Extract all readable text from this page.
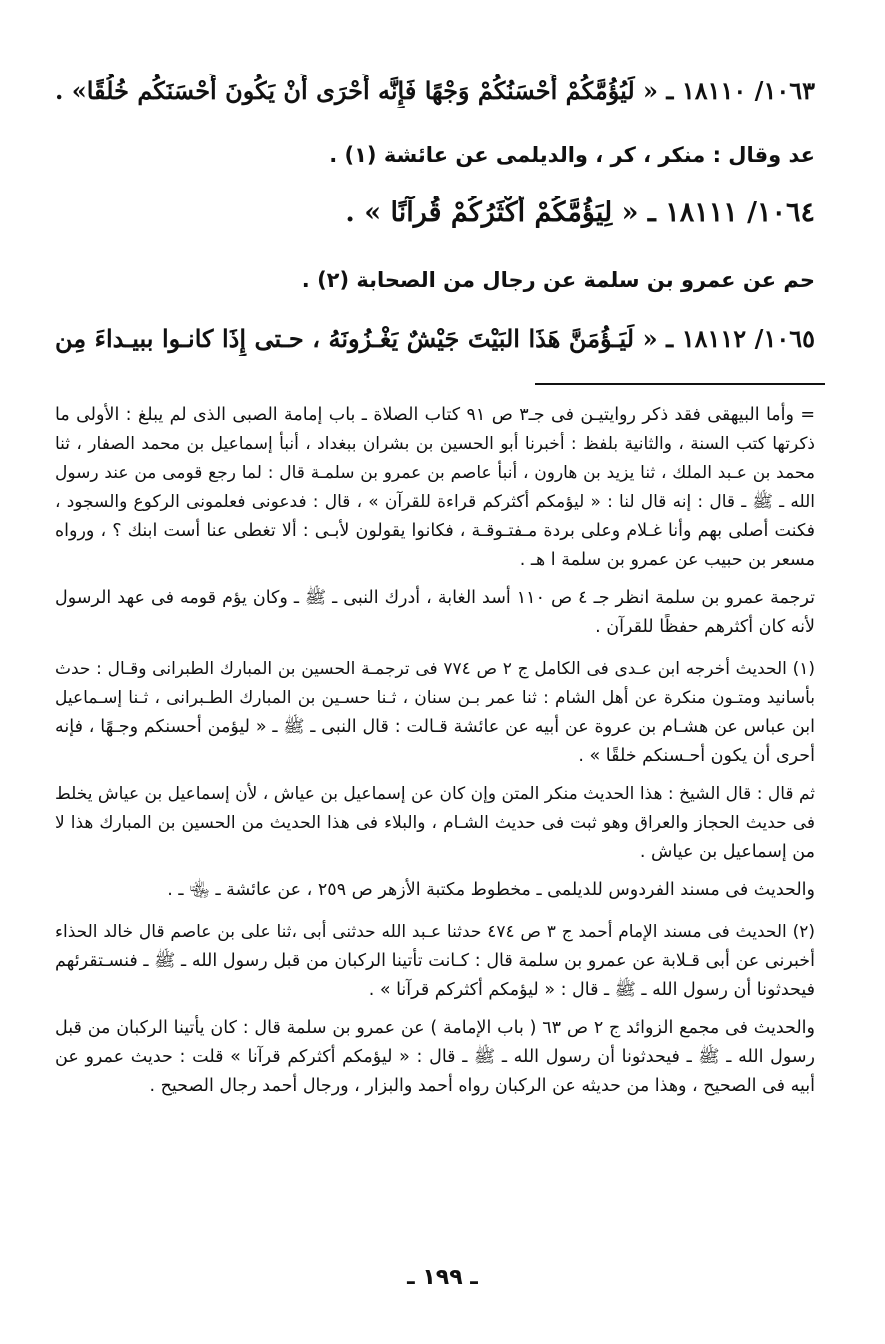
١٠٦٣/ ١٨١١٠ ـ « لَيُؤُمَّكُمْ أَحْسَنُكُمْ وَجْهًا فَإِنَّه أَحْرَى أَنْ يَكُونَ أَحْسَنَكُم خُلُقًا» .
عد وقال : منكر ، كر ، والديلمى عن عائشة (١) .
١٠٦٤/ ١٨١١١ ـ « لِيَؤُمَّكُمْ أَكْثَرُكُمْ قُرآنًا » .
حم عن عمرو بن سلمة عن رجال من الصحابة (٢) .
١٠٦٥/ ١٨١١٢ ـ « لَيَـؤُمَنَّ هَذَا البَيْتَ جَيْشٌ يَغْـزُونَهُ ، حـتى إِذَا كانـوا ببيـداءَ مِن
= وأما البيهقى فقد ذكر روايتيـن فى جـ٣ ص ٩١ كتاب الصلاة ـ باب إمامة الصبى الذى لم يبلغ : الأولى ما
ذكرتها كتب السنة ، والثانية بلفظ : أخبرنا أبو الحسين بن بشران ببغداد ، أنبأ إسماعيل بن محمد الصفار ، ثنا
محمد بن عـبد الملك ، ثنا يزيد بن هارون ، أنبأ عاصم بن عمرو بن سلمـة قال : لما رجع قومى من عند رسول
الله ـ ﷺ ـ قال : إنه قال لنا : « ليؤمكم أكثركم قراءة للقرآن » ، قال : فدعونى فعلمونى الركوع والسجود ،
فكنت أصلى بهم وأنا غـلام وعلى بردة مـفتـوقـة ، فكانوا يقولون لأبـى : ألا تغطى عنا أست ابنك ؟ ، ورواه
مسعر بن حبيب عن عمرو بن سلمة ا هـ .
ترجمة عمرو بن سلمة انظر جـ ٤ ص ١١٠ أسد الغابة ، أدرك النبى ـ ﷺ ـ وكان يؤم قومه فى عهد الرسول
لأنه كان أكثرهم حفظًا للقرآن .
(١) الحديث أخرجه ابن عـدى فى الكامل ج ٢ ص ٧٧٤ فى ترجمـة الحسين بن المبارك الطبرانى وقـال : حدث
بأسانيد ومتـون منكرة عن أهل الشام : ثنا عمر بـن سنان ، ثـنا حسـين بن المبارك الطـبرانى ، ثـنا إسـماعيل
ابن عباس عن هشـام بن عروة عن أبيه عن عائشة قـالت : قال النبى ـ ﷺ ـ « ليؤمن أحسنكم وجـهًا ، فإنه
أحرى أن يكون أحـسنكم خلقًا » .
ثم قال : قال الشيخ : هذا الحديث منكر المتن وإن كان عن إسماعيل بن عياش ، لأن إسماعيل بن عياش يخلط
فى حديث الحجاز والعراق وهو ثبت فى حديث الشـام ، والبلاء فى هذا الحديث من الحسين بن المبارك هذا لا
من إسماعيل بن عياش .
والحديث فى مسند الفردوس للديلمى ـ مخطوط مكتبة الأزهر ص ٢٥٩ ، عن عائشة ـ ﵄ ـ .
(٢) الحديث فى مسند الإمام أحمد ج ٣ ص ٤٧٤ حدثنا عـبد الله حدثنى أبى ،ثنا على بن عاصم قال خالد الحذاء
أخبرنى عن أبى قـلابة عن عمرو بن سلمة قال : كـانت تأتينا الركبان من قبل رسول الله ـ ﷺ ـ فنسـتقرئهم
فيحدثونا أن رسول الله ـ ﷺ ـ قال : « ليؤمكم أكثركم قرآنا » .
والحديث فى مجمع الزوائد ج ٢ ص ٦٣ ( باب الإمامة ) عن عمرو بن سلمة قال : كان يأتينا الركبان من قبل
رسول الله ـ ﷺ ـ فيحدثونا أن رسول الله ـ ﷺ ـ قال : « ليؤمكم أكثركم قرآنا » قلت : حديث عمرو عن
أبيه فى الصحيح ، وهذا من حديثه عن الركبان رواه أحمد والبزار ، ورجال أحمد رجال الصحيح .
ـ ١٩٩ ـ
